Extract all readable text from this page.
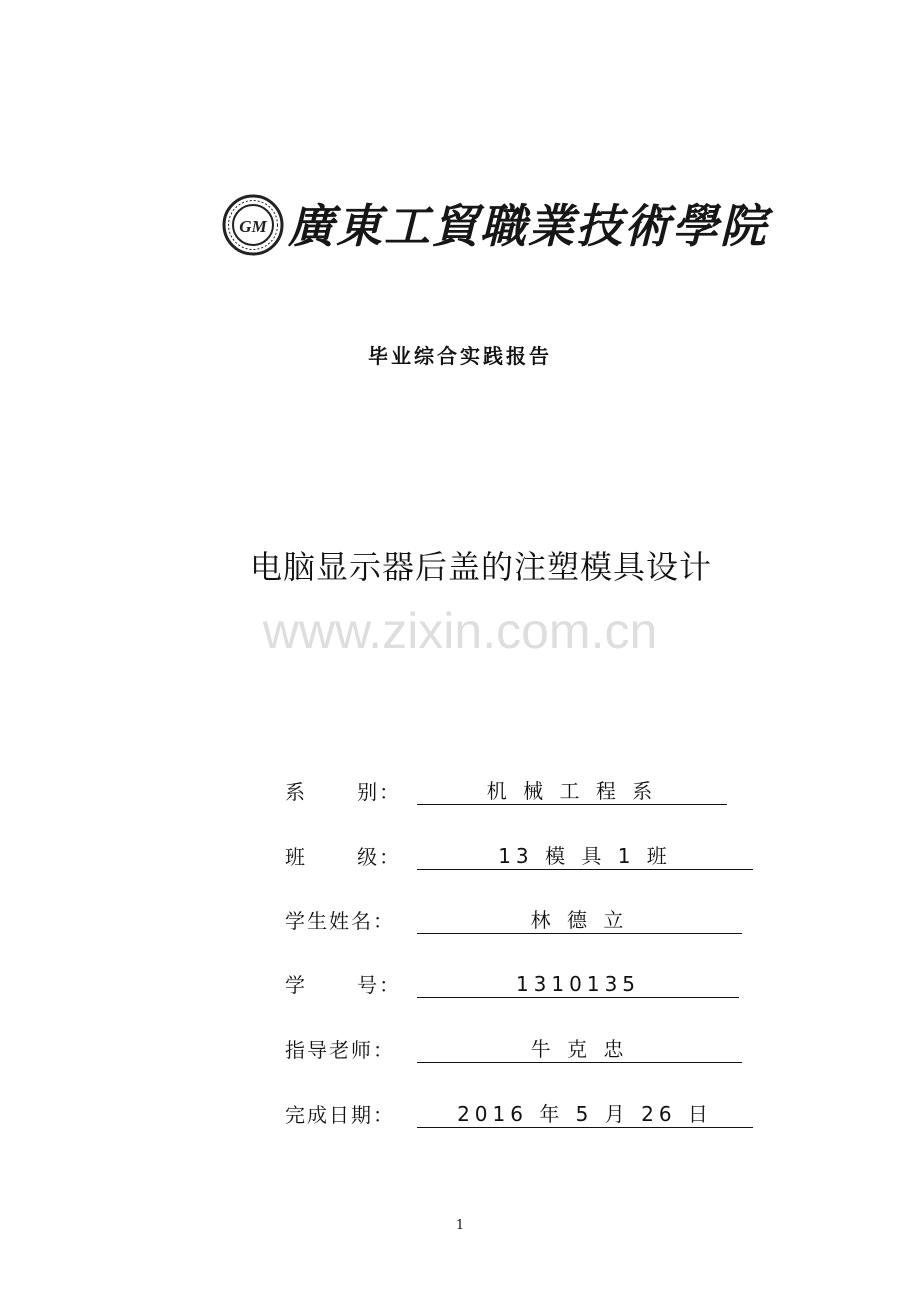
GM 廣東工貿職業技術學院
毕业综合实践报告
电脑显示器后盖的注塑模具设计
www.zixin.com.cn
系      别：	机 械 工 程 系
班      级：	13 模 具 1 班
学生姓名：	林 德 立
学      号：	1310135
指导老师：	牛 克 忠
完成日期：	2016 年 5 月 26 日
1
